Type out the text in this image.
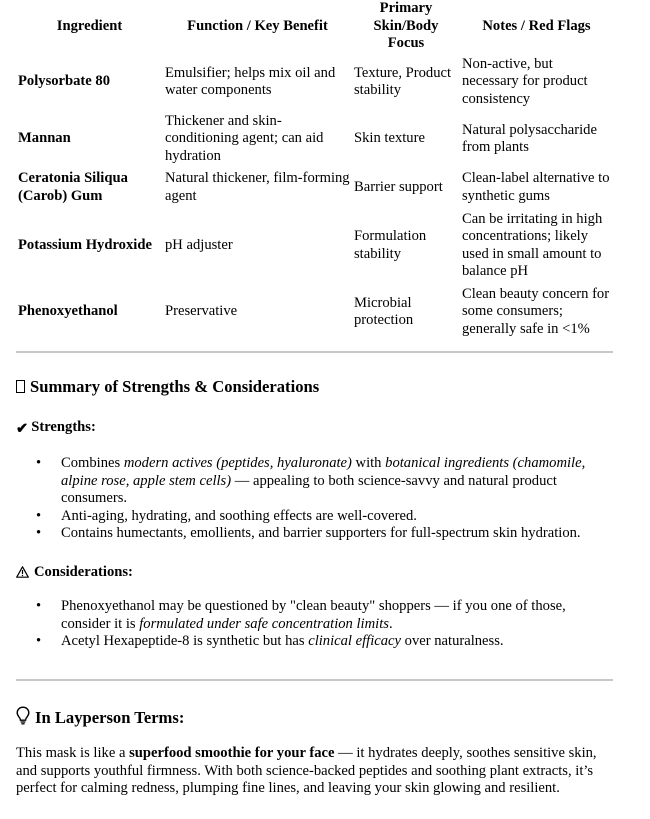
Ingredient	Function / Key Benefit	Primary Skin/Body Focus	Notes / Red Flags
Polysorbate 80	Emulsifier; helps mix oil and water components	Texture, Product stability	Non-active, but necessary for product consistency
Mannan	Thickener and skin-conditioning agent; can aid hydration	Skin texture	Natural polysaccharide from plants
Ceratonia Siliqua (Carob) Gum	Natural thickener, film-forming agent	Barrier support	Clean-label alternative to synthetic gums
Potassium Hydroxide	pH adjuster	Formulation stability	Can be irritating in high concentrations; likely used in small amount to balance pH
Phenoxyethanol	Preservative	Microbial protection	Clean beauty concern for some consumers; generally safe in <1%
Summary of Strengths & Considerations
✔ Strengths:
• Combines modern actives (peptides, hyaluronate) with botanical ingredients (chamomile, alpine rose, apple stem cells) — appealing to both science-savvy and natural product consumers.
• Anti-aging, hydrating, and soothing effects are well-covered.
• Contains humectants, emollients, and barrier supporters for full-spectrum skin hydration.
Considerations:
• Phenoxyethanol may be questioned by "clean beauty" shoppers — if you one of those, consider it is formulated under safe concentration limits.
• Acetyl Hexapeptide-8 is synthetic but has clinical efficacy over naturalness.
In Layperson Terms:

This mask is like a superfood smoothie for your face — it hydrates deeply, soothes sensitive skin, and supports youthful firmness. With both science-backed peptides and soothing plant extracts, it’s perfect for calming redness, plumping fine lines, and leaving your skin glowing and resilient.
